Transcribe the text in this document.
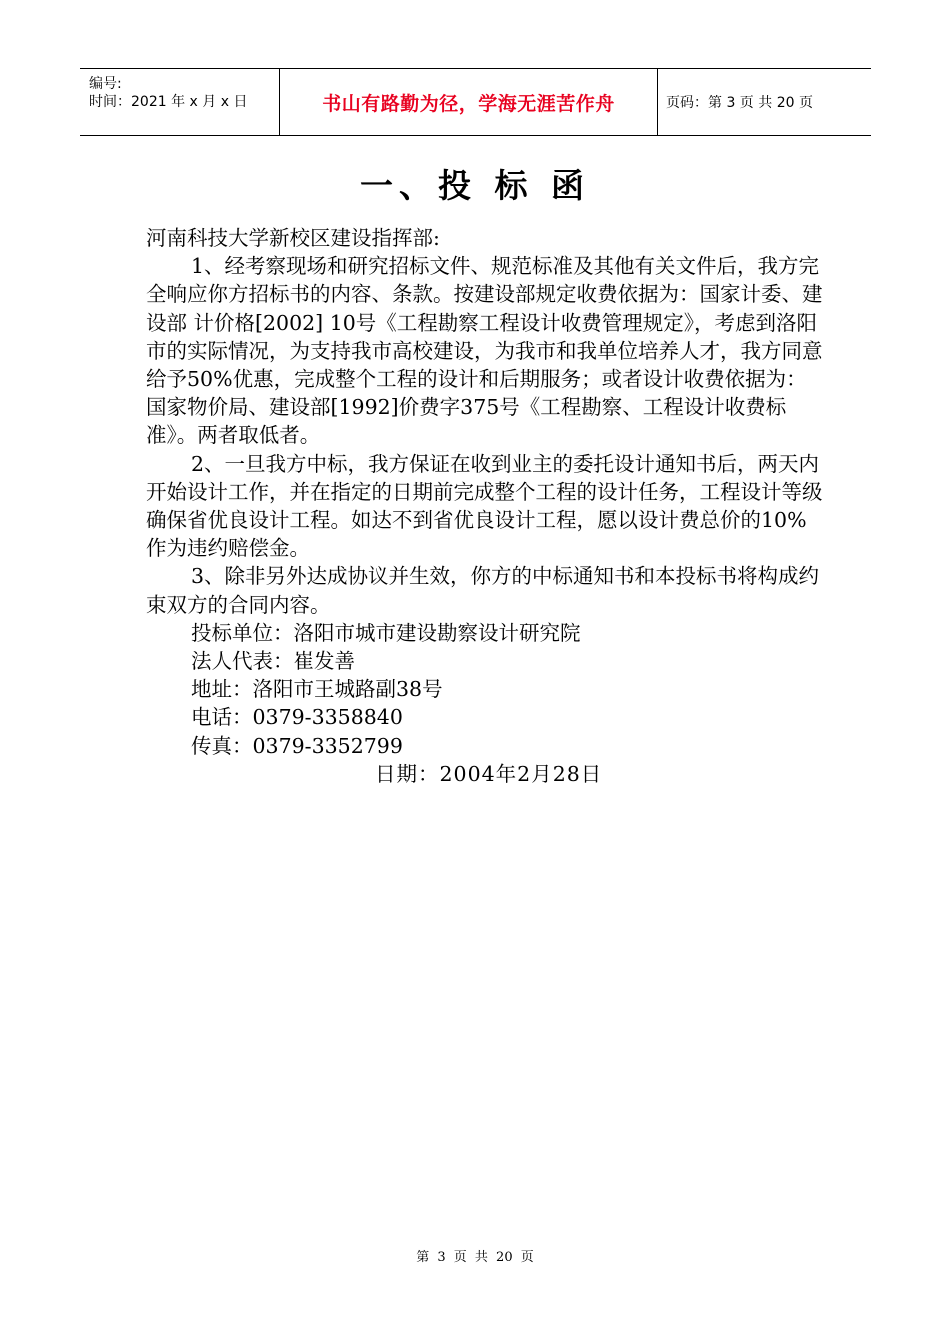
编号:
时间：2021 年 x 月 x 日	书山有路勤为径，学海无涯苦作舟	页码：第 3 页 共 20 页
一、投 标 函

河南科技大学新校区建设指挥部:

1、经考察现场和研究招标文件、规范标准及其他有关文件后，我方完全响应你方招标书的内容、条款。按建设部规定收费依据为：国家计委、建设部 计价格[2002] 10号《工程勘察工程设计收费管理规定》，考虑到洛阳市的实际情况，为支持我市高校建设，为我市和我单位培养人才，我方同意给予50%优惠，完成整个工程的设计和后期服务；或者设计收费依据为：国家物价局、建设部[1992]价费字375号《工程勘察、工程设计收费标准》。两者取低者。

2、一旦我方中标，我方保证在收到业主的委托设计通知书后，两天内开始设计工作，并在指定的日期前完成整个工程的设计任务，工程设计等级确保省优良设计工程。如达不到省优良设计工程，愿以设计费总价的10%作为违约赔偿金。

3、除非另外达成协议并生效，你方的中标通知书和本投标书将构成约束双方的合同内容。

投标单位：洛阳市城市建设勘察设计研究院

法人代表：崔发善

地址：洛阳市王城路副38号

电话：0379-3358840

传真：0379-3352799

日期：2004年2月28日

第 3 页 共 20 页
